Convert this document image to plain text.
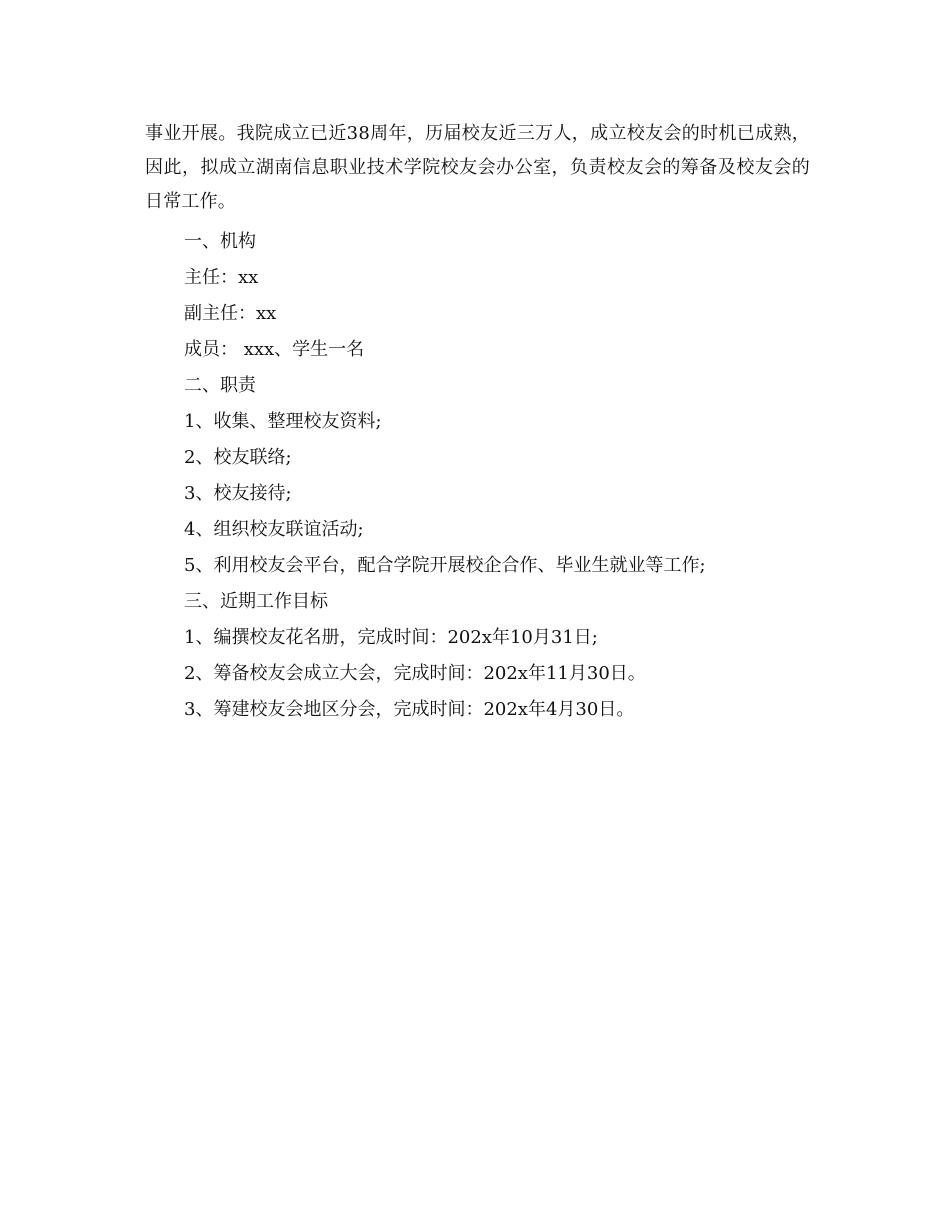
事业开展。我院成立已近38周年，历届校友近三万人，成立校友会的时机已成熟，因此，拟成立湖南信息职业技术学院校友会办公室，负责校友会的筹备及校友会的日常工作。

一、机构

主任：xx

副主任：xx

成员： xxx、学生一名

二、职责

1、收集、整理校友资料;

2、校友联络;

3、校友接待;

4、组织校友联谊活动;

5、利用校友会平台，配合学院开展校企合作、毕业生就业等工作;

三、近期工作目标

1、编撰校友花名册，完成时间：202x年10月31日;

2、筹备校友会成立大会，完成时间：202x年11月30日。

3、筹建校友会地区分会，完成时间：202x年4月30日。
